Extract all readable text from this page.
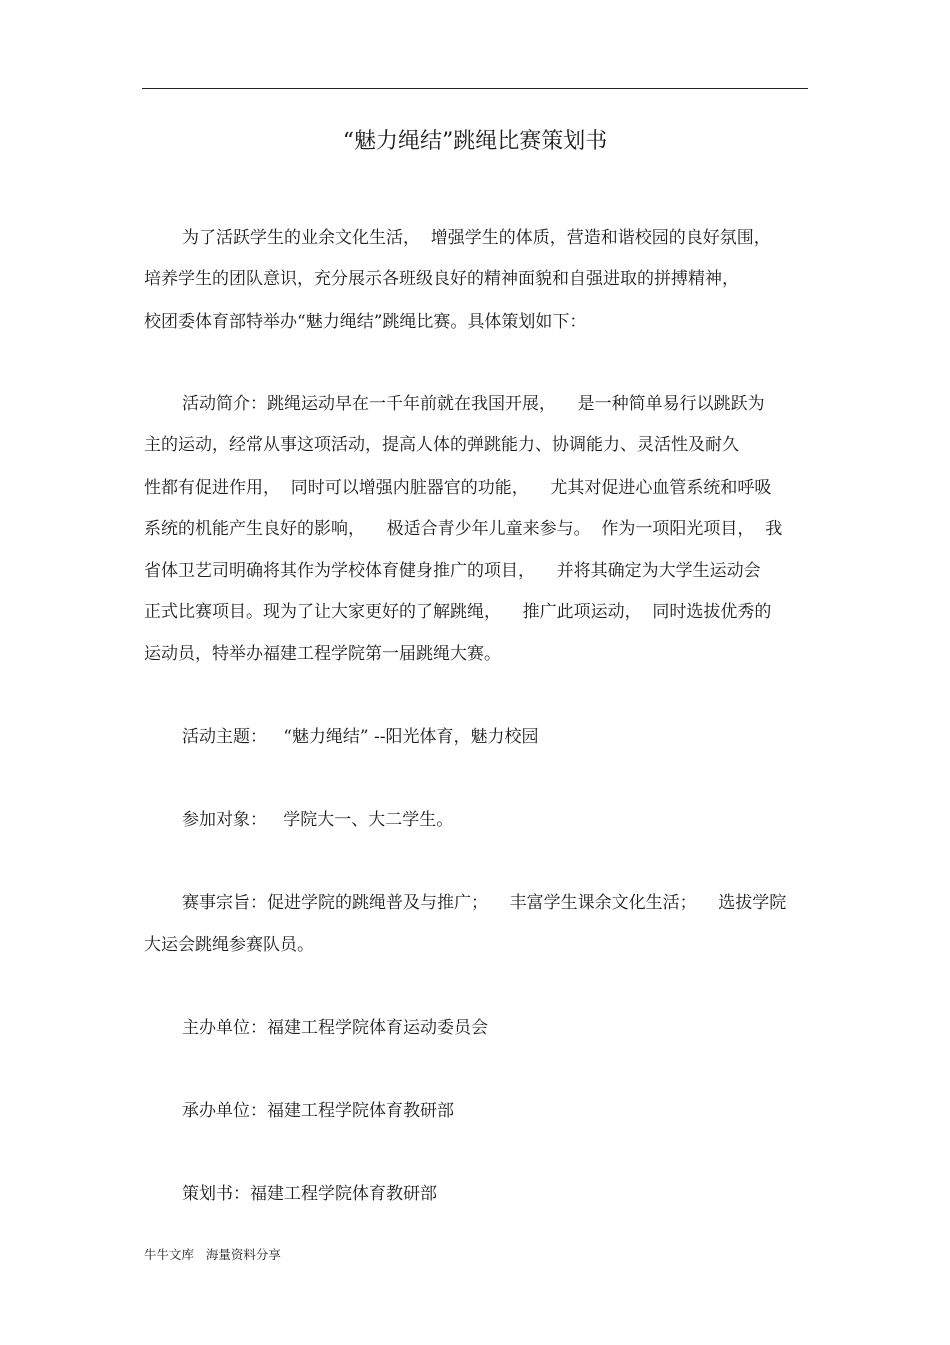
“魅力绳结”跳绳比赛策划书
为了活跃学生的业余文化生活，  增强学生的体质，营造和谐校园的良好氛围，
培养学生的团队意识，充分展示各班级良好的精神面貌和自强进取的拼搏精神，
校团委体育部特举办“魅力绳结”跳绳比赛。具体策划如下：
活动简介：跳绳运动早在一千年前就在我国开展，    是一种简单易行以跳跃为
主的运动，经常从事这项活动，提高人体的弹跳能力、协调能力、灵活性及耐久
性都有促进作用，  同时可以增强内脏器官的功能，    尤其对促进心血管系统和呼吸
系统的机能产生良好的影响，    极适合青少年儿童来参与。  作为一项阳光项目，  我
省体卫艺司明确将其作为学校体育健身推广的项目，    并将其确定为大学生运动会
正式比赛项目。现为了让大家更好的了解跳绳，    推广此项运动，  同时选拔优秀的
运动员，特举办福建工程学院第一届跳绳大赛。
活动主题：   “魅力绳结” --阳光体育，魅力校园
参加对象：   学院大一、大二学生。
赛事宗旨：促进学院的跳绳普及与推广；    丰富学生课余文化生活；    选拔学院
大运会跳绳参赛队员。
主办单位：福建工程学院体育运动委员会
承办单位：福建工程学院体育教研部
策划书：福建工程学院体育教研部
牛牛文库   海量资料分享
